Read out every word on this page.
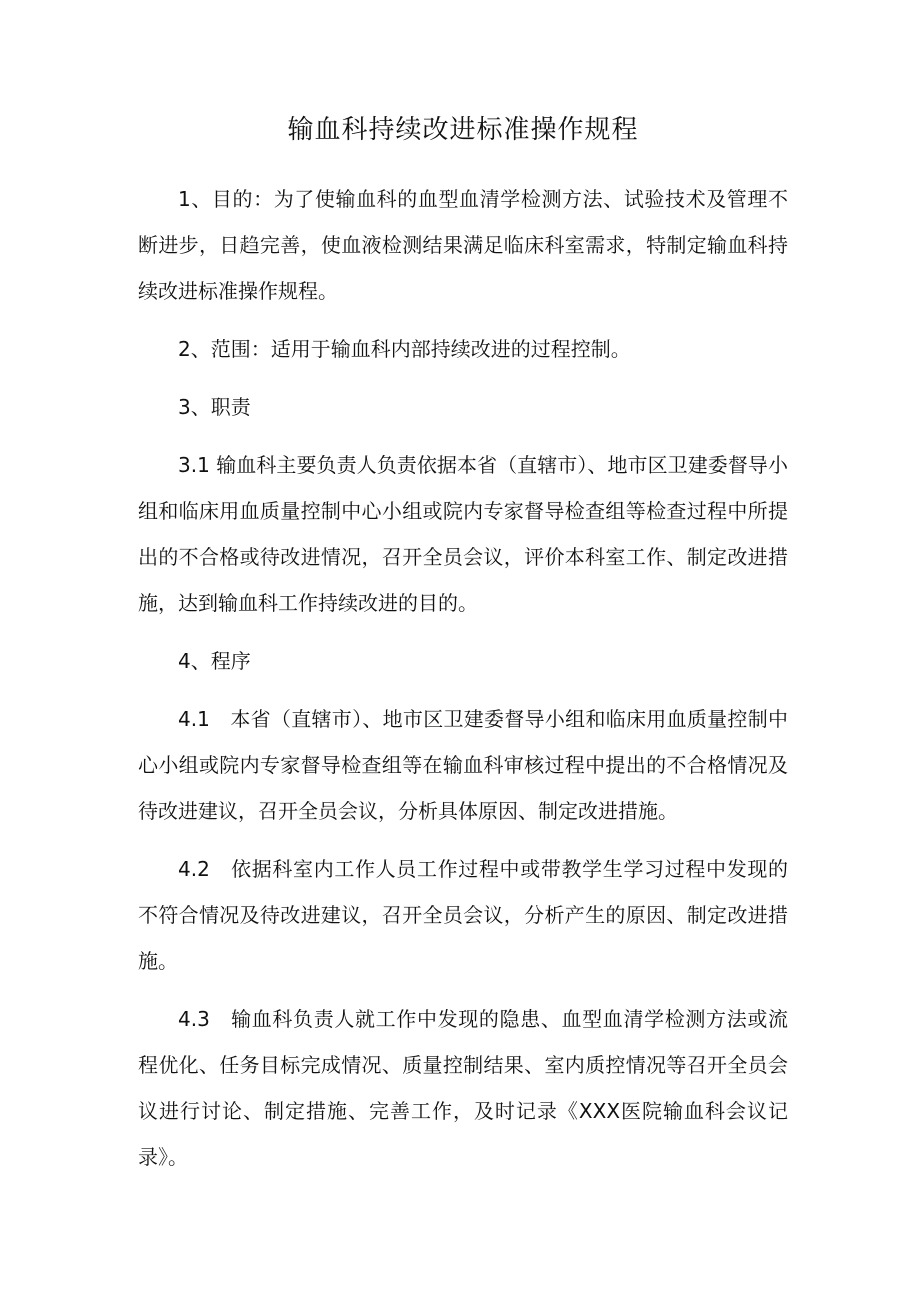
输血科持续改进标准操作规程

1、目的：为了使输血科的血型血清学检测方法、试验技术及管理不断进步，日趋完善，使血液检测结果满足临床科室需求，特制定输血科持续改进标准操作规程。

2、范围：适用于输血科内部持续改进的过程控制。

3、职责

3.1 输血科主要负责人负责依据本省（直辖市）、地市区卫建委督导小组和临床用血质量控制中心小组或院内专家督导检查组等检查过程中所提出的不合格或待改进情况，召开全员会议，评价本科室工作、制定改进措施，达到输血科工作持续改进的目的。

4、程序

4.1　本省（直辖市）、地市区卫建委督导小组和临床用血质量控制中心小组或院内专家督导检查组等在输血科审核过程中提出的不合格情况及待改进建议，召开全员会议，分析具体原因、制定改进措施。

4.2　依据科室内工作人员工作过程中或带教学生学习过程中发现的不符合情况及待改进建议，召开全员会议，分析产生的原因、制定改进措施。

4.3　输血科负责人就工作中发现的隐患、血型血清学检测方法或流程优化、任务目标完成情况、质量控制结果、室内质控情况等召开全员会议进行讨论、制定措施、完善工作，及时记录《XXX医院输血科会议记录》。
